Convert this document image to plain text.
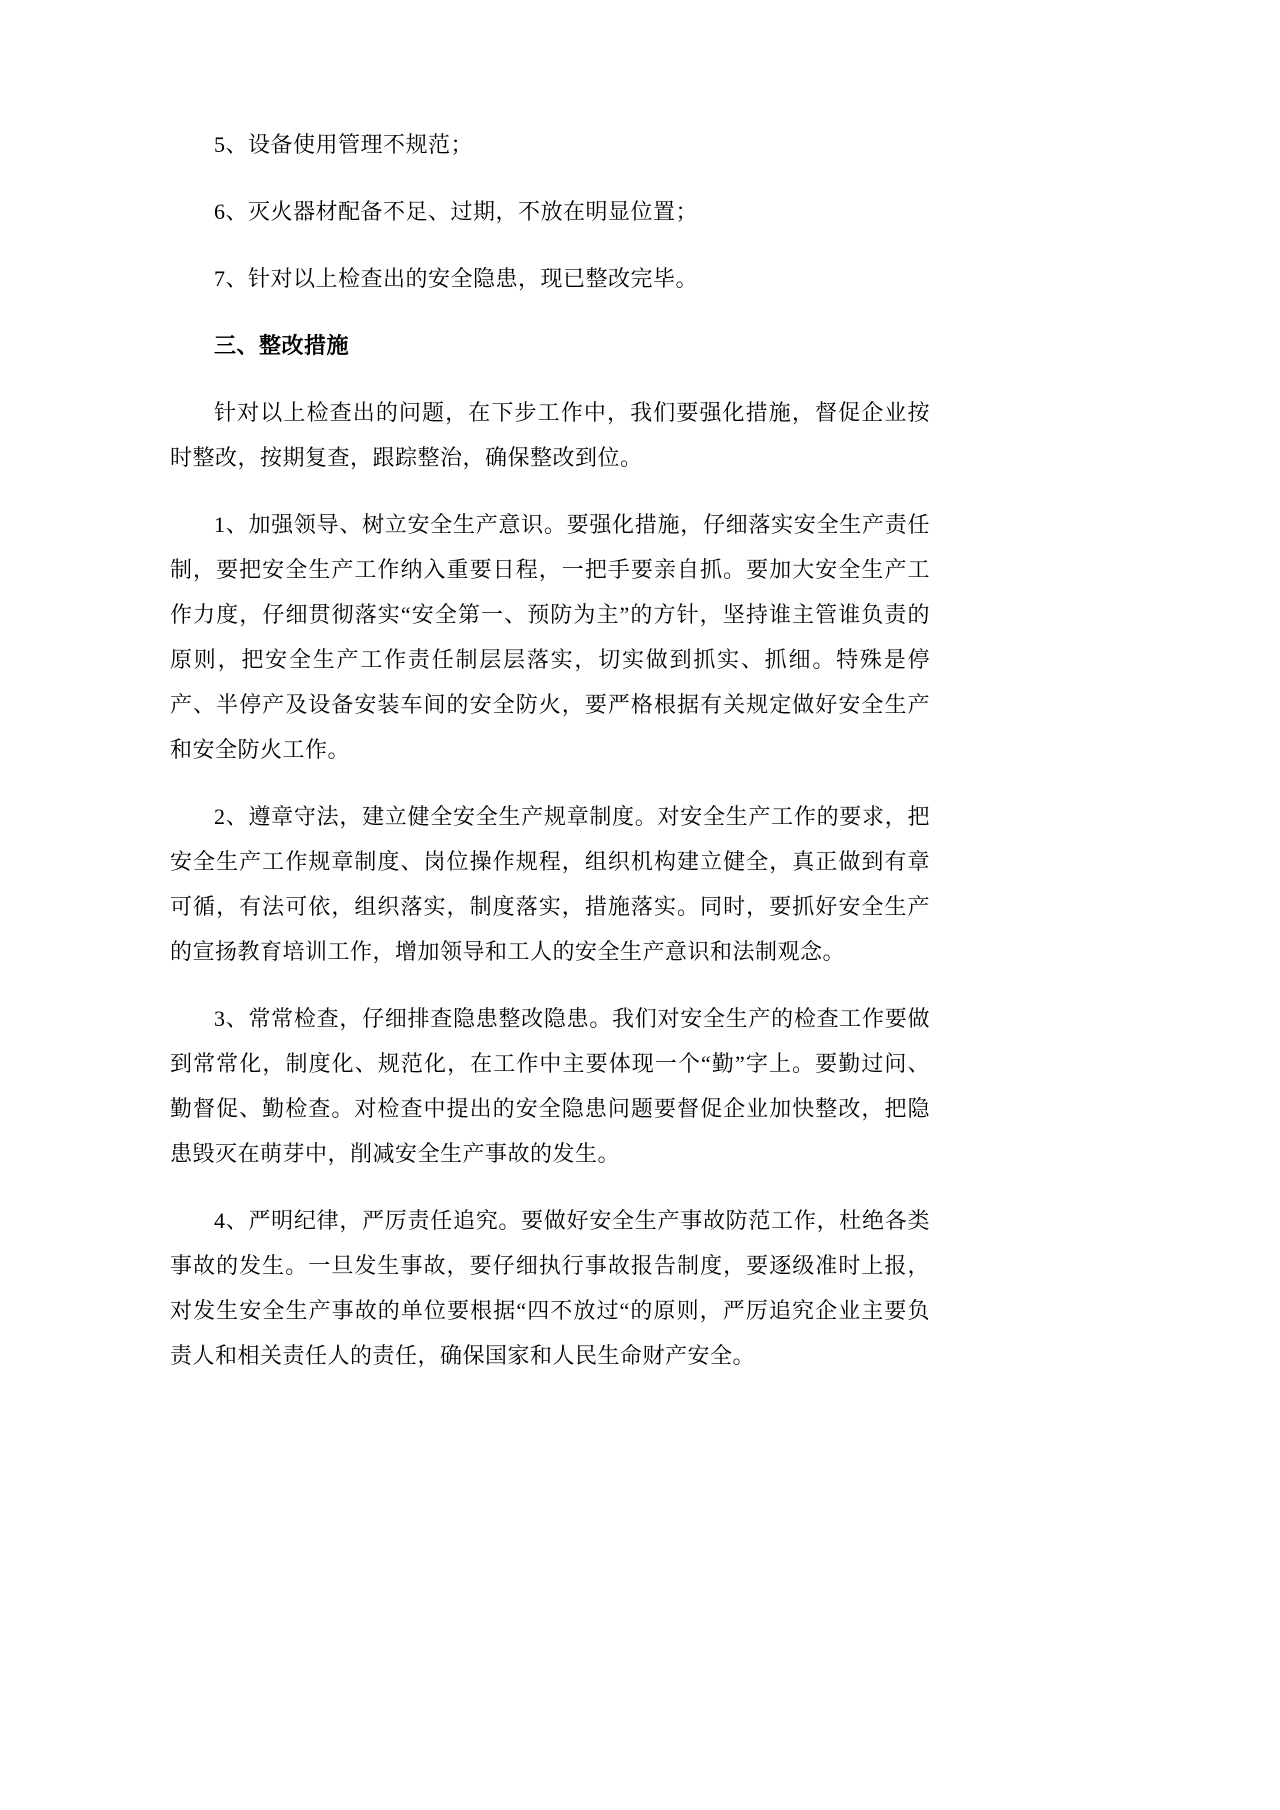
5、设备使用管理不规范；

6、灭火器材配备不足、过期，不放在明显位置；

7、针对以上检查出的安全隐患，现已整改完毕。

三、整改措施

针对以上检查出的问题，在下步工作中，我们要强化措施，督促企业按时整改，按期复查，跟踪整治，确保整改到位。

1、加强领导、树立安全生产意识。要强化措施，仔细落实安全生产责任制，要把安全生产工作纳入重要日程，一把手要亲自抓。要加大安全生产工作力度，仔细贯彻落实“安全第一、预防为主”的方针，坚持谁主管谁负责的原则，把安全生产工作责任制层层落实，切实做到抓实、抓细。特殊是停产、半停产及设备安装车间的安全防火，要严格根据有关规定做好安全生产和安全防火工作。

2、遵章守法，建立健全安全生产规章制度。对安全生产工作的要求，把安全生产工作规章制度、岗位操作规程，组织机构建立健全，真正做到有章可循，有法可依，组织落实，制度落实，措施落实。同时，要抓好安全生产的宣扬教育培训工作，增加领导和工人的安全生产意识和法制观念。

3、常常检查，仔细排查隐患整改隐患。我们对安全生产的检查工作要做到常常化，制度化、规范化，在工作中主要体现一个“勤”字上。要勤过问、勤督促、勤检查。对检查中提出的安全隐患问题要督促企业加快整改，把隐患毁灭在萌芽中，削减安全生产事故的发生。

4、严明纪律，严厉责任追究。要做好安全生产事故防范工作，杜绝各类事故的发生。一旦发生事故，要仔细执行事故报告制度，要逐级准时上报，对发生安全生产事故的单位要根据“四不放过“的原则，严厉追究企业主要负责人和相关责任人的责任，确保国家和人民生命财产安全。
